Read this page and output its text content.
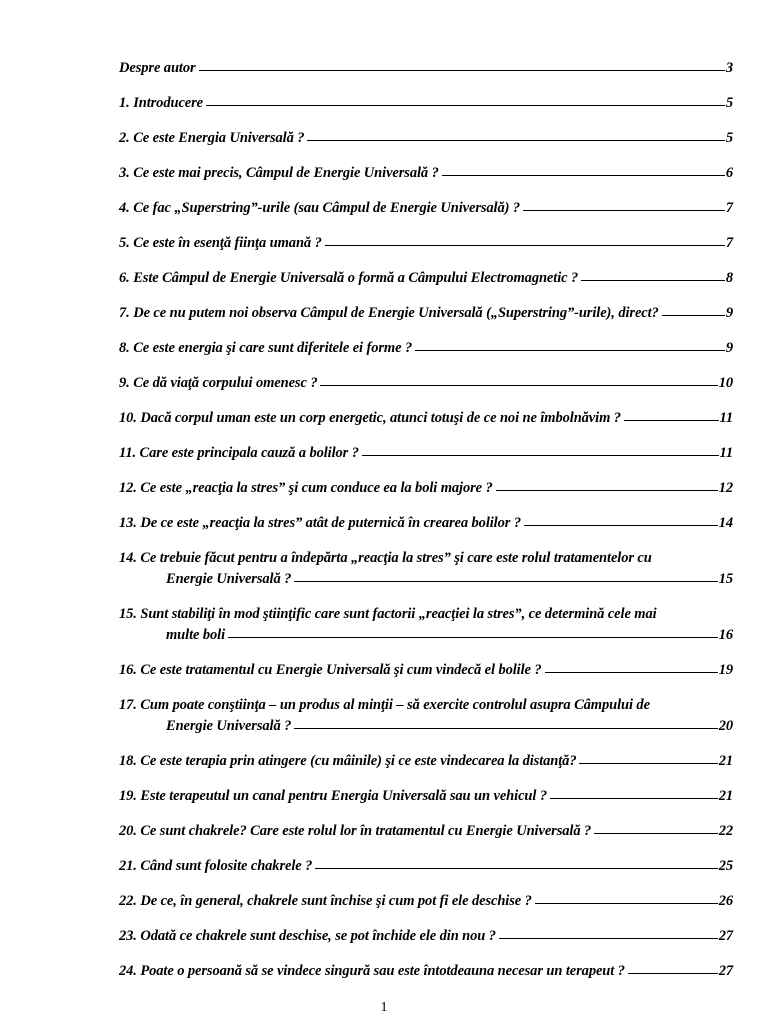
Despre autor	3
1. Introducere	5
2. Ce este Energia Universală ?	5
3. Ce este mai precis, Câmpul de Energie Universală ?	6
4. Ce fac „Superstring”-urile (sau Câmpul de Energie Universală) ?	7
5. Ce este în esenţă fiinţa umană ?	7
6. Este Câmpul de Energie Universală o formă a Câmpului Electromagnetic ?	8
7. De ce nu putem noi observa Câmpul de Energie Universală („Superstring”-urile), direct?	9
8. Ce este energia şi care sunt diferitele ei forme ?	9
9. Ce dă viaţă corpului omenesc ?	10
10. Dacă corpul uman este un corp energetic, atunci totuşi de ce noi ne îmbolnăvim ?	11
11. Care este principala cauză a bolilor ?	11
12. Ce este „reacţia la stres” şi cum conduce ea la boli majore ?	12
13. De ce este „reacţia la stres” atât de puternică în crearea bolilor ?	14
14. Ce trebuie făcut pentru a îndepărta „reacţia la stres” şi care este rolul tratamentelor cu
Energie Universală ?	15
15. Sunt stabiliţi în mod ştiinţific care sunt factorii „reacţiei la stres”, ce determină cele mai
multe boli	16
16. Ce este tratamentul cu Energie Universală şi cum vindecă el bolile ?	19
17. Cum poate conştiinţa – un produs al minţii – să exercite controlul asupra Câmpului de
Energie Universală ?	20
18. Ce este terapia prin atingere (cu mâinile) şi ce este vindecarea la distanţă?	21
19. Este terapeutul un canal pentru Energia Universală sau un vehicul ?	21
20. Ce sunt chakrele? Care este rolul lor în tratamentul cu Energie Universală ?	22
21. Când sunt folosite chakrele ?	25
22. De ce, în general, chakrele sunt închise şi cum pot fi ele deschise ?	26
23. Odată ce chakrele sunt deschise, se pot închide ele din nou ?	27
24. Poate o persoană să se vindece singură sau este întotdeauna necesar un terapeut ?	27
1
